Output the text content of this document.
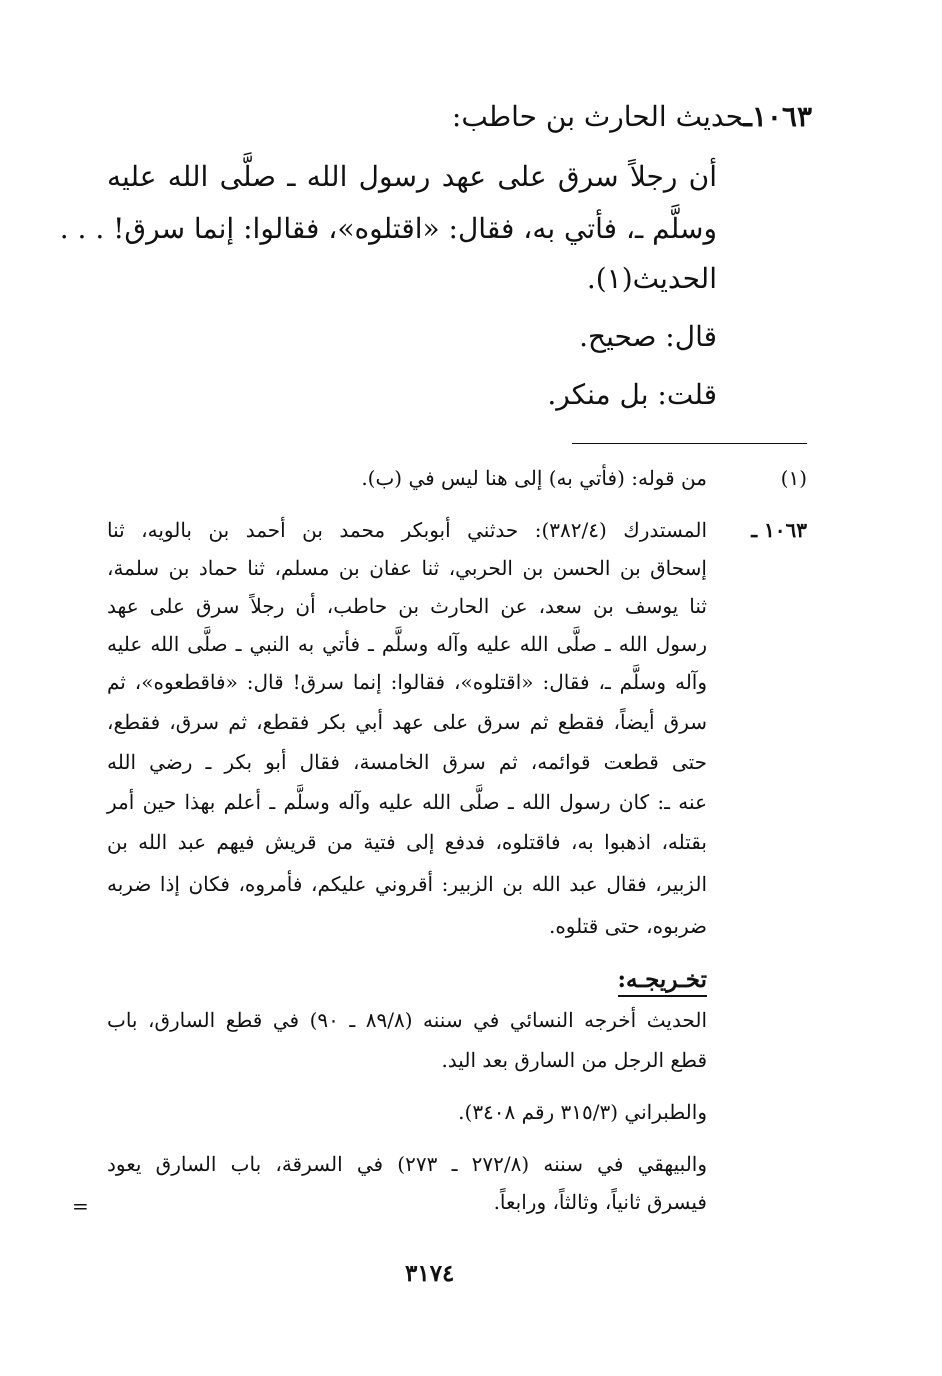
١٠٦٣ـحديث الحارث بن حاطب:
أن رجلاً سرق على عهد رسول الله ـ صلَّى الله عليه
وسلَّم ـ، فأتي به، فقال: «اقتلوه»، فقالوا: إنما سرق! . . .
الحديث(١).
قال: صحيح.
قلت: بل منكر.
(١)
من قوله: (فأتي به) إلى هنا ليس في (ب).
١٠٦٣ ـ
المستدرك (٣٨٢/٤): حدثني أبوبكر محمد بن أحمد بن بالويه، ثنا
إسحاق بن الحسن بن الحربي، ثنا عفان بن مسلم، ثنا حماد بن سلمة،
ثنا يوسف بن سعد، عن الحارث بن حاطب، أن رجلاً سرق على عهد
رسول الله ـ صلَّى الله عليه وآله وسلَّم ـ فأتي به النبي ـ صلَّى الله عليه
وآله وسلَّم ـ، فقال: «اقتلوه»، فقالوا: إنما سرق! قال: «فاقطعوه»، ثم
سرق أيضاً، فقطع ثم سرق على عهد أبي بكر فقطع، ثم سرق، فقطع،
حتى قطعت قوائمه، ثم سرق الخامسة، فقال أبو بكر ـ رضي الله
عنه ـ: كان رسول الله ـ صلَّى الله عليه وآله وسلَّم ـ أعلم بهذا حين أمر
بقتله، اذهبوا به، فاقتلوه، فدفع إلى فتية من قريش فيهم عبد الله بن
الزبير، فقال عبد الله بن الزبير: أقروني عليكم، فأمروه، فكان إذا ضربه
ضربوه، حتى قتلوه.
تخـريجـه:
الحديث أخرجه النسائي في سننه (٨٩/٨ ـ ٩٠) في قطع السارق، باب
قطع الرجل من السارق بعد اليد.
والطبراني (٣١٥/٣ رقم ٣٤٠٨).
والبيهقي في سننه (٢٧٢/٨ ـ ٢٧٣) في السرقة، باب السارق يعود
فيسرق ثانياً، وثالثاً، ورابعاً.
=
٣١٧٤
